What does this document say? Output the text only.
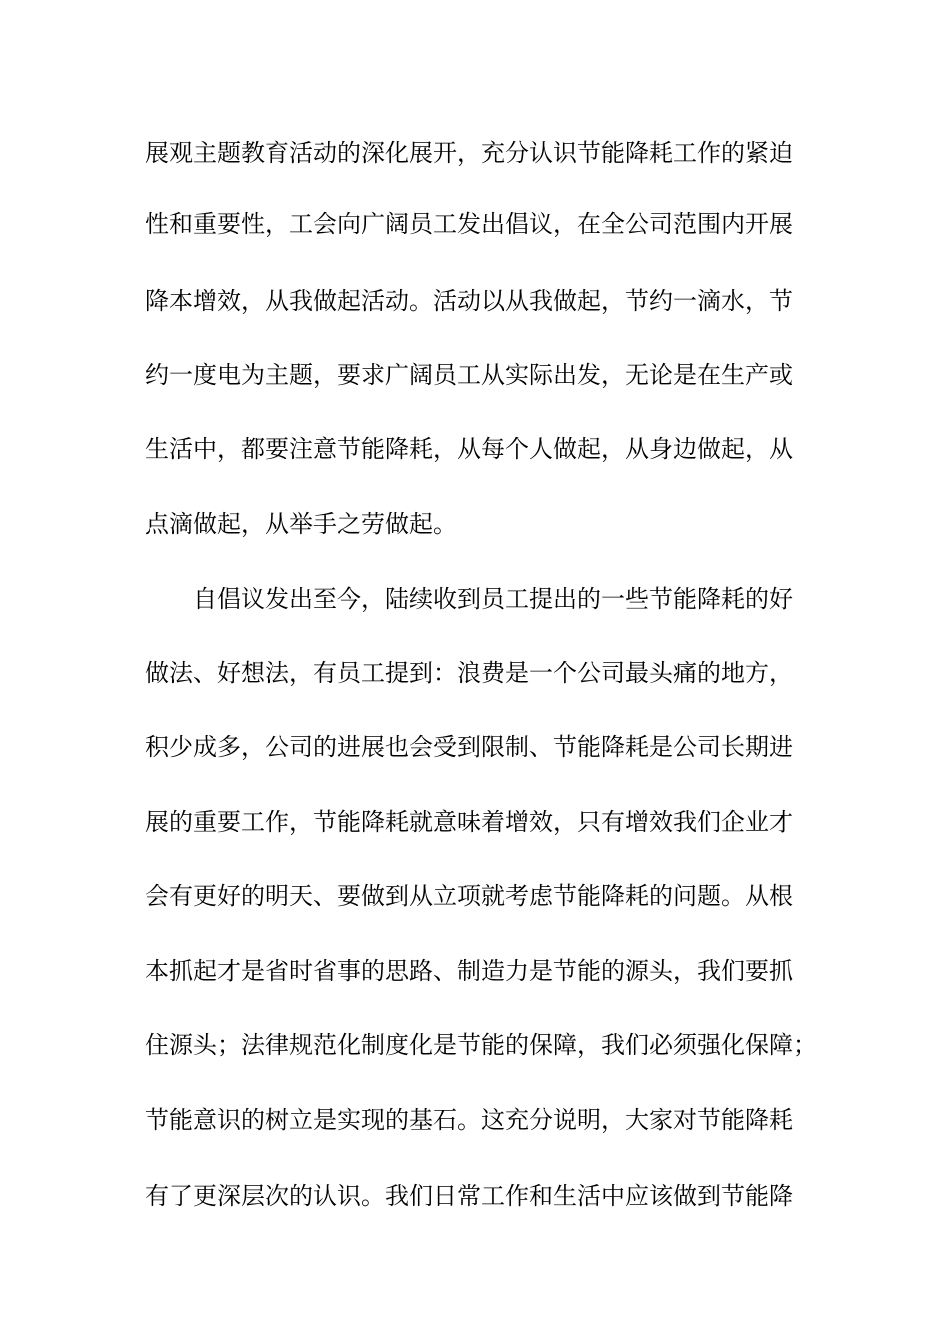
展观主题教育活动的深化展开，充分认识节能降耗工作的紧迫
性和重要性，工会向广阔员工发出倡议，在全公司范围内开展
降本增效，从我做起活动。活动以从我做起，节约一滴水，节
约一度电为主题，要求广阔员工从实际出发，无论是在生产或
生活中，都要注意节能降耗，从每个人做起，从身边做起，从
点滴做起，从举手之劳做起。
自倡议发出至今，陆续收到员工提出的一些节能降耗的好
做法、好想法，有员工提到：浪费是一个公司最头痛的地方，
积少成多，公司的进展也会受到限制、节能降耗是公司长期进
展的重要工作，节能降耗就意味着增效，只有增效我们企业才
会有更好的明天、要做到从立项就考虑节能降耗的问题。从根
本抓起才是省时省事的思路、制造力是节能的源头，我们要抓
住源头；法律规范化制度化是节能的保障，我们必须强化保障；
节能意识的树立是实现的基石。这充分说明，大家对节能降耗
有了更深层次的认识。我们日常工作和生活中应该做到节能降
